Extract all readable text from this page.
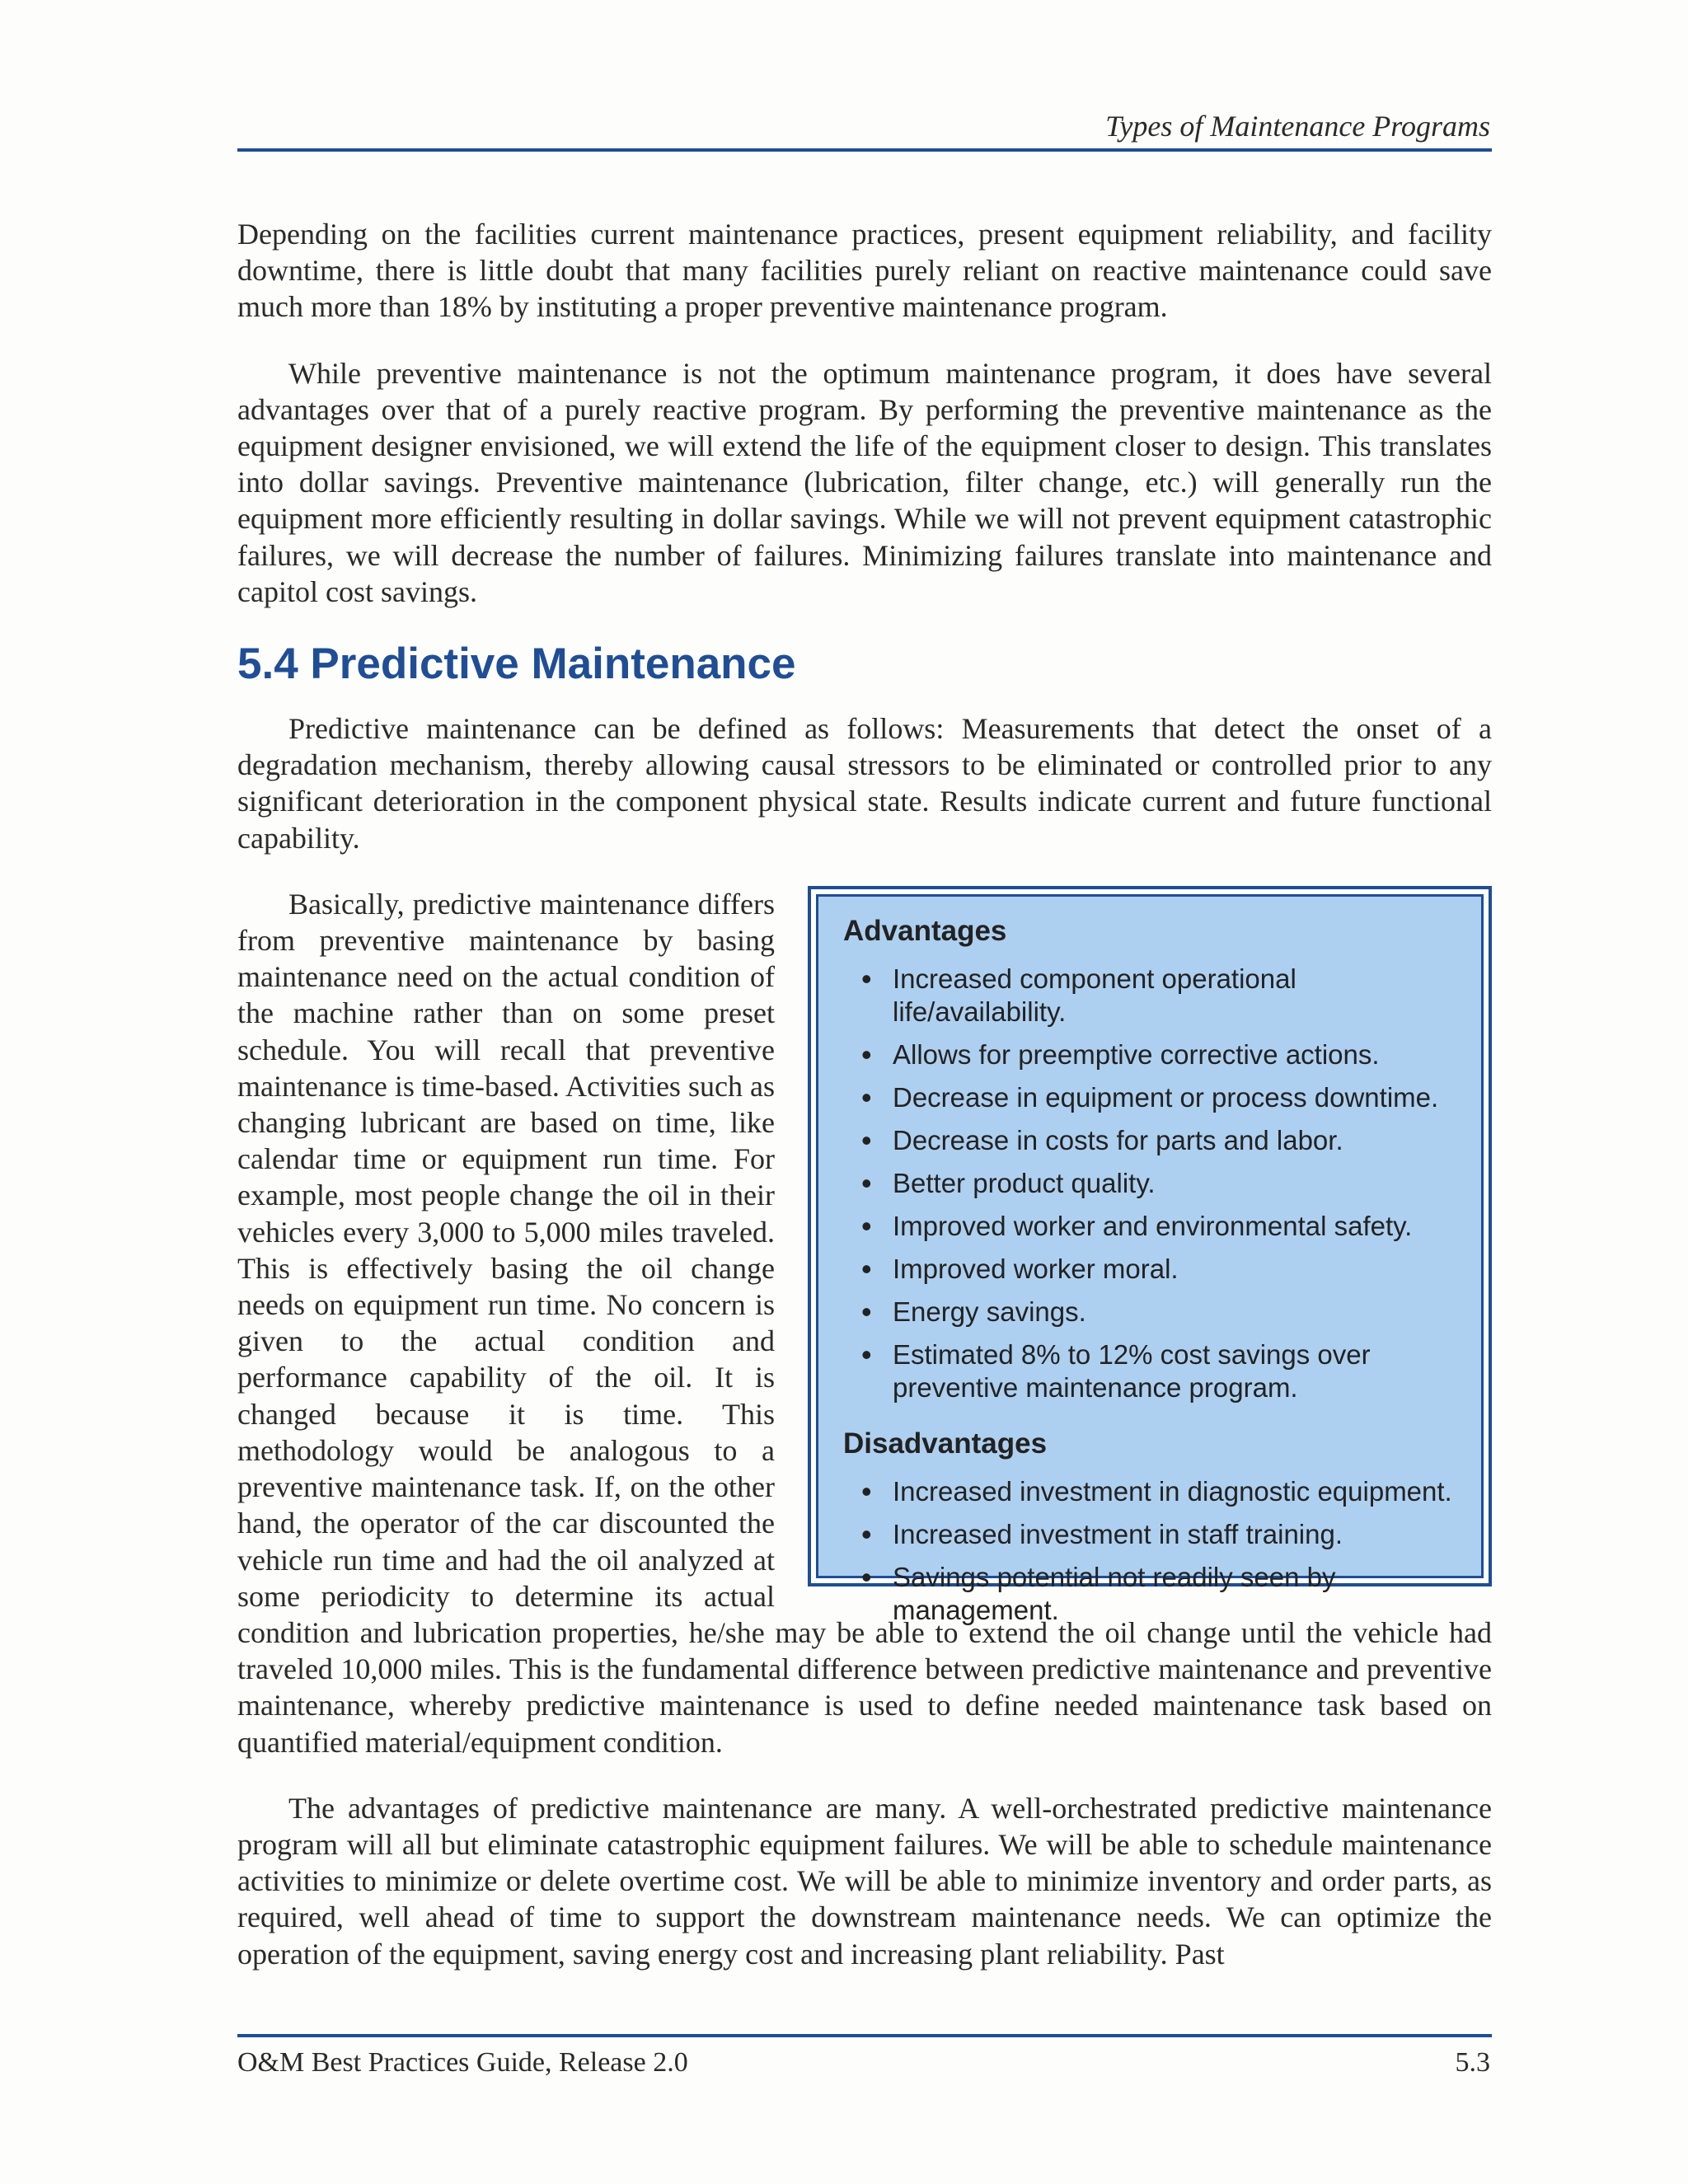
Types of Maintenance Programs

Depending on the facilities current maintenance practices, present equipment reliability, and facility downtime, there is little doubt that many facilities purely reliant on reactive maintenance could save much more than 18% by instituting a proper preventive maintenance program.

While preventive maintenance is not the optimum maintenance program, it does have several advantages over that of a purely reactive program. By performing the preventive maintenance as the equipment designer envisioned, we will extend the life of the equipment closer to design. This translates into dollar savings. Preventive maintenance (lubrication, filter change, etc.) will generally run the equipment more efficiently resulting in dollar savings. While we will not prevent equipment catastrophic failures, we will decrease the number of failures. Minimizing failures translate into maintenance and capitol cost savings.

5.4 Predictive Maintenance

Predictive maintenance can be defined as follows: Measurements that detect the onset of a degradation mechanism, thereby allowing causal stressors to be eliminated or controlled prior to any significant deterioration in the component physical state. Results indicate current and future functional capability.

Advantages
• Increased component operational life/availability.
• Allows for preemptive corrective actions.
• Decrease in equipment or process downtime.
• Decrease in costs for parts and labor.
• Better product quality.
• Improved worker and environmental safety.
• Improved worker moral.
• Energy savings.
• Estimated 8% to 12% cost savings over preventive maintenance program.
Disadvantages
• Increased investment in diagnostic equipment.
• Increased investment in staff training.
• Savings potential not readily seen by management.

Basically, predictive maintenance differs from preventive maintenance by basing maintenance need on the actual condition of the machine rather than on some preset schedule. You will recall that preventive maintenance is time-based. Activities such as changing lubricant are based on time, like calendar time or equipment run time. For example, most people change the oil in their vehicles every 3,000 to 5,000 miles traveled. This is effectively basing the oil change needs on equipment run time. No concern is given to the actual condition and performance capability of the oil. It is changed because it is time. This methodology would be analogous to a preventive maintenance task. If, on the other hand, the operator of the car discounted the vehicle run time and had the oil analyzed at some periodicity to determine its actual condition and lubrication properties, he/she may be able to extend the oil change until the vehicle had traveled 10,000 miles. This is the fundamental difference between predictive maintenance and preventive maintenance, whereby predictive maintenance is used to define needed maintenance task based on quantified material/equipment condition.

The advantages of predictive maintenance are many. A well-orchestrated predictive maintenance program will all but eliminate catastrophic equipment failures. We will be able to schedule maintenance activities to minimize or delete overtime cost. We will be able to minimize inventory and order parts, as required, well ahead of time to support the downstream maintenance needs. We can optimize the operation of the equipment, saving energy cost and increasing plant reliability. Past

O&M Best Practices Guide, Release 2.0	5.3
